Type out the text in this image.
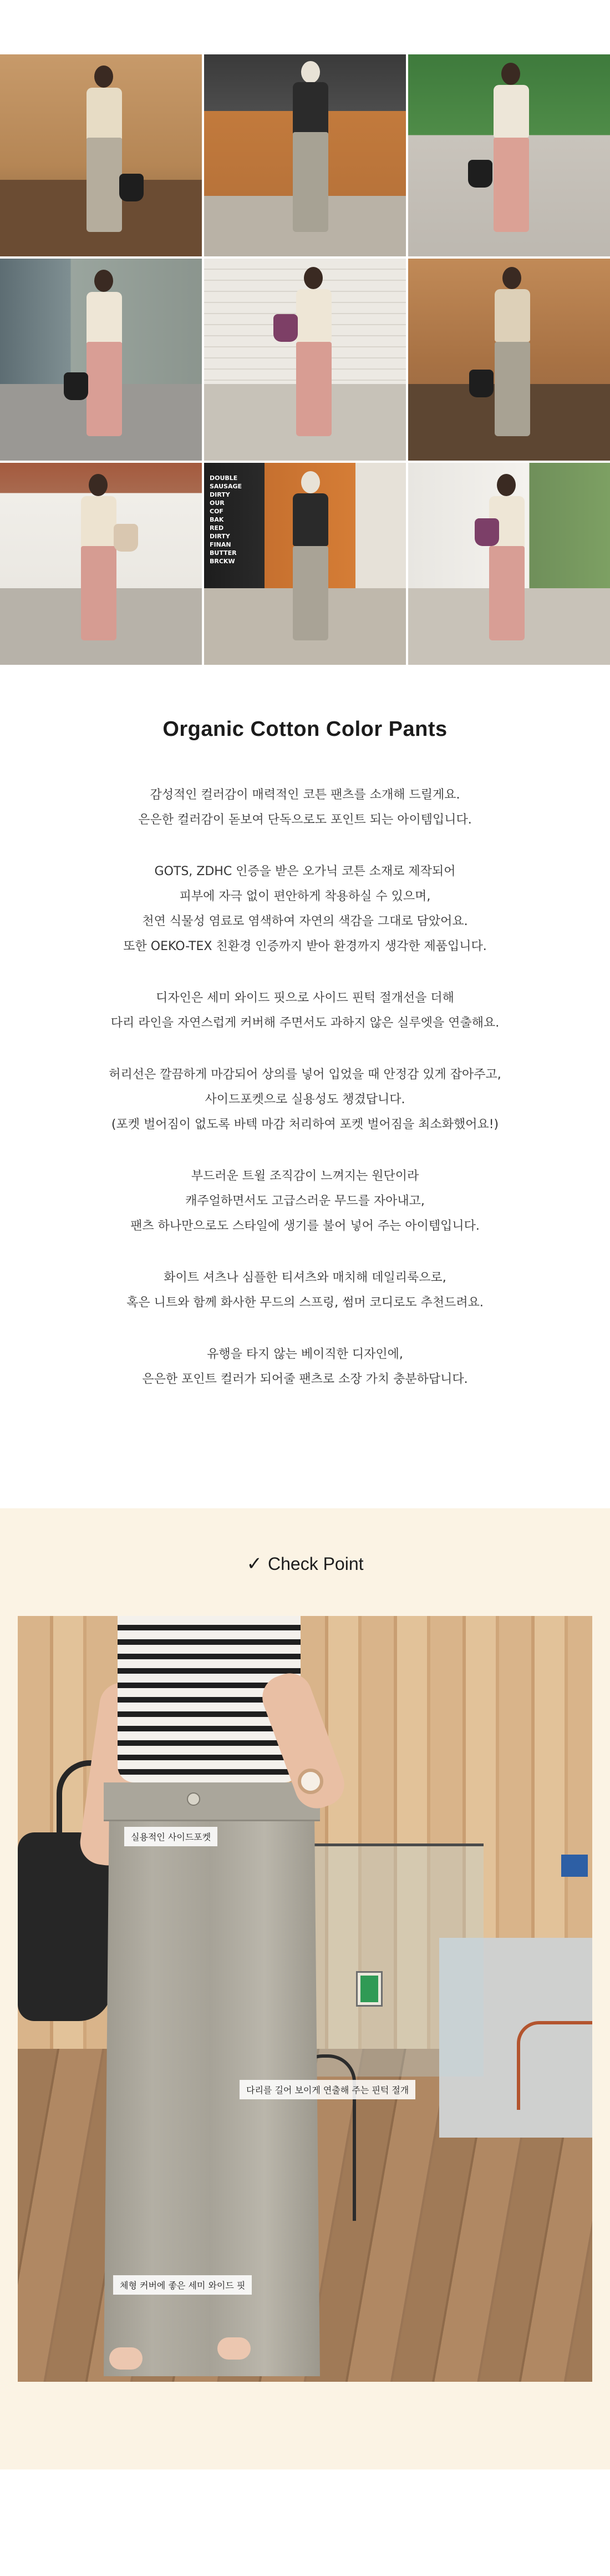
DOUBLE
SAUSAGE
DIRTY
OUR
COF
BAK
RED
DIRTY
FINAN
BUTTER
BRCKW
Organic Cotton Color Pants
감성적인 컬러감이 매력적인 코튼 팬츠를 소개해 드릴게요.
은은한 컬러감이 돋보여 단독으로도 포인트 되는 아이템입니다.
GOTS, ZDHC 인증을 받은 오가닉 코튼 소재로 제작되어
피부에 자극 없이 편안하게 착용하실 수 있으며,
천연 식물성 염료로 염색하여 자연의 색감을 그대로 담았어요.
또한 OEKO-TEX 친환경 인증까지 받아 환경까지 생각한 제품입니다.
디자인은 세미 와이드 핏으로 사이드 핀턱 절개선을 더해
다리 라인을 자연스럽게 커버해 주면서도 과하지 않은 실루엣을 연출해요.
허리선은 깔끔하게 마감되어 상의를 넣어 입었을 때 안정감 있게 잡아주고,
사이드포켓으로 실용성도 챙겼답니다.
(포켓 벌어짐이 없도록 바텍 마감 처리하여 포켓 벌어짐을 최소화했어요!)
부드러운 트윌 조직감이 느껴지는 원단이라
캐주얼하면서도 고급스러운 무드를 자아내고,
팬츠 하나만으로도 스타일에 생기를 불어 넣어 주는 아이템입니다.
화이트 셔츠나 심플한 티셔츠와 매치해 데일리룩으로,
혹은 니트와 함께 화사한 무드의 스프링, 썸머 코디로도 추천드려요.
유행을 타지 않는 베이직한 디자인에,
은은한 포인트 컬러가 되어줄 팬츠로 소장 가치 충분하답니다.
✓ Check Point
실용적인 사이드포켓
다리를 길어 보이게 연출해 주는 핀턱 절개
체형 커버에 좋은 세미 와이드 핏
